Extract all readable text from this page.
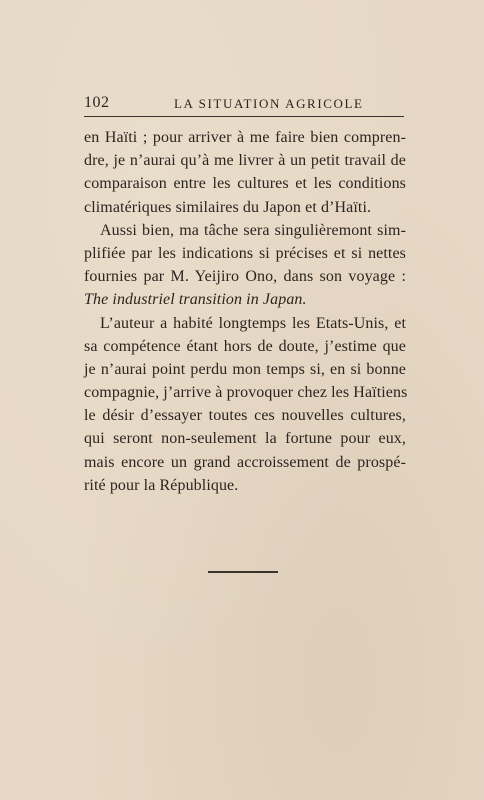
102	LA SITUATION AGRICOLE
en Haïti ; pour arriver à me faire bien compren-
dre, je n’aurai qu’à me livrer à un petit travail de
comparaison entre les cultures et les conditions
climatériques similaires du Japon et d’Haïti.
Aussi bien, ma tâche sera singulièremont sim-
plifiée par les indications si précises et si nettes
fournies par M. Yeijiro Ono, dans son voyage :
The industriel transition in Japan.
L’auteur a habité longtemps les Etats-Unis, et
sa compétence étant hors de doute, j’estime que
je n’aurai point perdu mon temps si, en si bonne
compagnie, j’arrive à provoquer chez les Haïtiens
le désir d’essayer toutes ces nouvelles cultures,
qui seront non-seulement la fortune pour eux,
mais encore un grand accroissement de prospé-
rité pour la République.
